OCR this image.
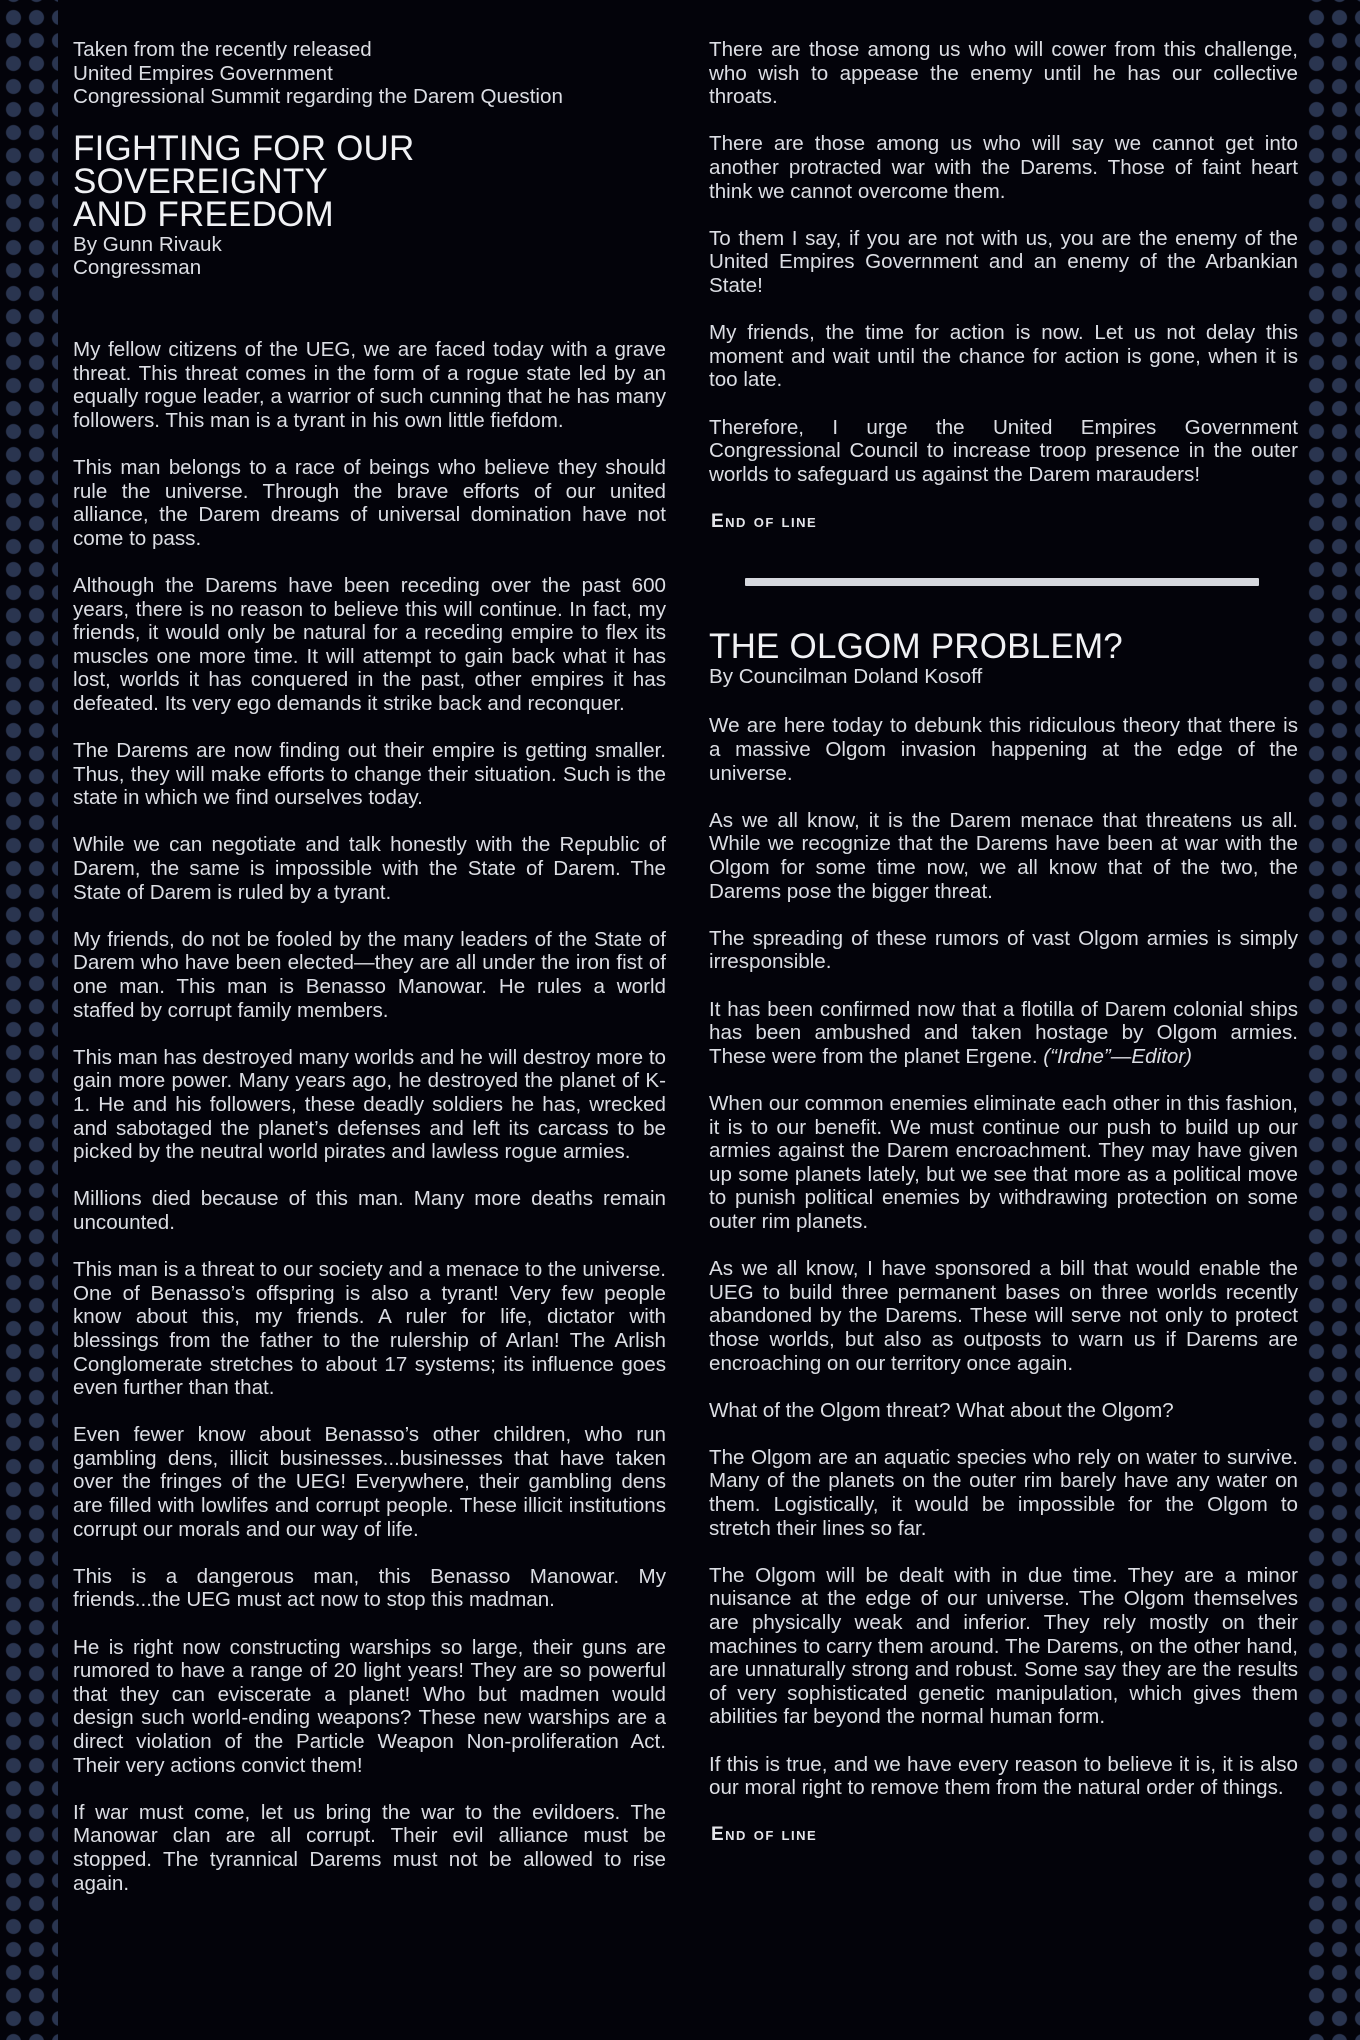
Taken from the recently released
United Empires Government
Congressional Summit regarding the Darem Question
FIGHTING FOR OUR SOVEREIGNTY
AND FREEDOM
By Gunn Rivauk
Congressman

My fellow citizens of the UEG, we are faced today with a grave threat. This threat comes in the form of a rogue state led by an equally rogue leader, a warrior of such cunning that he has many followers. This man is a tyrant in his own little fiefdom.

This man belongs to a race of beings who believe they should rule the universe. Through the brave efforts of our united alliance, the Darem dreams of universal domination have not come to pass.

Although the Darems have been receding over the past 600 years, there is no reason to believe this will continue. In fact, my friends, it would only be natural for a receding empire to flex its muscles one more time. It will attempt to gain back what it has lost, worlds it has conquered in the past, other empires it has defeated. Its very ego demands it strike back and reconquer.

The Darems are now finding out their empire is getting smaller. Thus, they will make efforts to change their situation. Such is the state in which we find ourselves today.

While we can negotiate and talk honestly with the Republic of Darem, the same is impossible with the State of Darem. The State of Darem is ruled by a tyrant.

My friends, do not be fooled by the many leaders of the State of Darem who have been elected—they are all under the iron fist of one man. This man is Benasso Manowar. He rules a world staffed by corrupt family members.

This man has destroyed many worlds and he will destroy more to gain more power. Many years ago, he destroyed the planet of K-1. He and his followers, these deadly soldiers he has, wrecked and sabotaged the planet’s defenses and left its carcass to be picked by the neutral world pirates and lawless rogue armies.

Millions died because of this man. Many more deaths remain uncounted.

This man is a threat to our society and a menace to the universe. One of Benasso’s offspring is also a tyrant! Very few people know about this, my friends. A ruler for life, dictator with blessings from the father to the rulership of Arlan! The Arlish Conglomerate stretches to about 17 systems; its influence goes even further than that.

Even fewer know about Benasso’s other children, who run gambling dens, illicit businesses...businesses that have taken over the fringes of the UEG! Everywhere, their gambling dens are filled with lowlifes and corrupt people. These illicit institutions corrupt our morals and our way of life.

This is a dangerous man, this Benasso Manowar. My friends...the UEG must act now to stop this madman.

He is right now constructing warships so large, their guns are rumored to have a range of 20 light years! They are so powerful that they can eviscerate a planet! Who but madmen would design such world-ending weapons? These new warships are a direct violation of the Particle Weapon Non-proliferation Act. Their very actions convict them!

If war must come, let us bring the war to the evildoers. The Manowar clan are all corrupt. Their evil alliance must be stopped. The tyrannical Darems must not be allowed to rise again.

There are those among us who will cower from this challenge, who wish to appease the enemy until he has our collective throats.

There are those among us who will say we cannot get into another protracted war with the Darems. Those of faint heart think we cannot overcome them.

To them I say, if you are not with us, you are the enemy of the United Empires Government and an enemy of the Arbankian State!

My friends, the time for action is now. Let us not delay this moment and wait until the chance for action is gone, when it is too late.

Therefore, I urge the United Empires Government Congressional Council to increase troop presence in the outer worlds to safeguard us against the Darem marauders!

End of line
THE OLGOM PROBLEM?
By Councilman Doland Kosoff

We are here today to debunk this ridiculous theory that there is a massive Olgom invasion happening at the edge of the universe.

As we all know, it is the Darem menace that threatens us all. While we recognize that the Darems have been at war with the Olgom for some time now, we all know that of the two, the Darems pose the bigger threat.

The spreading of these rumors of vast Olgom armies is simply irresponsible.

It has been confirmed now that a flotilla of Darem colonial ships has been ambushed and taken hostage by Olgom armies. These were from the planet Ergene. (“Irdne”—Editor)

When our common enemies eliminate each other in this fashion, it is to our benefit. We must continue our push to build up our armies against the Darem encroachment. They may have given up some planets lately, but we see that more as a political move to punish political enemies by withdrawing protection on some outer rim planets.

As we all know, I have sponsored a bill that would enable the UEG to build three permanent bases on three worlds recently abandoned by the Darems. These will serve not only to protect those worlds, but also as outposts to warn us if Darems are encroaching on our territory once again.

What of the Olgom threat? What about the Olgom?

The Olgom are an aquatic species who rely on water to survive. Many of the planets on the outer rim barely have any water on them. Logistically, it would be impossible for the Olgom to stretch their lines so far.

The Olgom will be dealt with in due time. They are a minor nuisance at the edge of our universe. The Olgom themselves are physically weak and inferior. They rely mostly on their machines to carry them around. The Darems, on the other hand, are unnaturally strong and robust. Some say they are the results of very sophisticated genetic manipulation, which gives them abilities far beyond the normal human form.

If this is true, and we have every reason to believe it is, it is also our moral right to remove them from the natural order of things.

End of line
